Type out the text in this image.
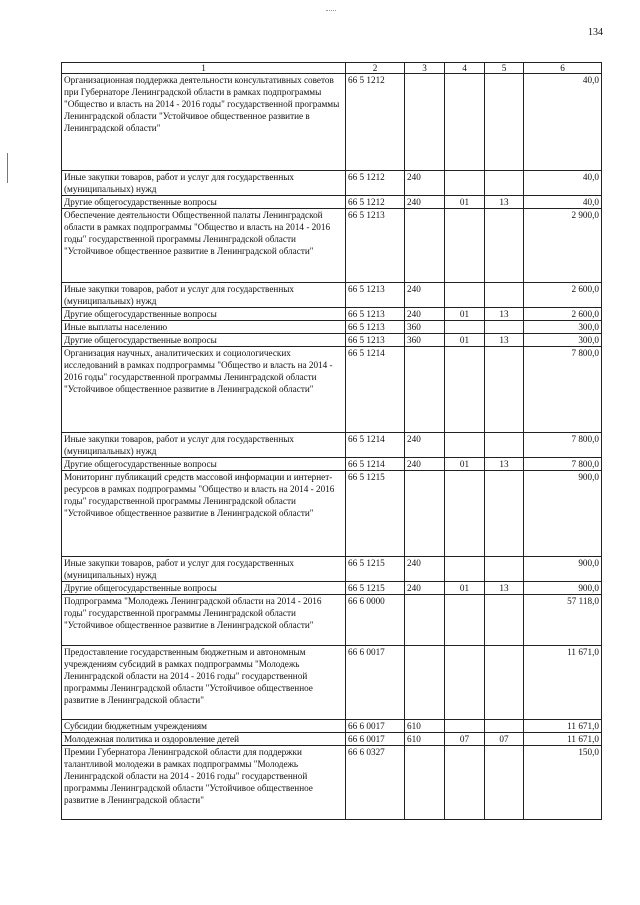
134
1	2	3	4	5	6
Организационная поддержка деятельности консультативных советов при Губернаторе Ленинградской области в рамках подпрограммы "Общество и власть на 2014 - 2016 годы" государственной программы Ленинградской области "Устойчивое общественное развитие в Ленинградской области"	66 5 1212				40,0
Иные закупки товаров, работ и услуг для государственных (муниципальных) нужд	66 5 1212	240			40,0
Другие общегосударственные вопросы	66 5 1212	240	01	13	40,0
Обеспечение деятельности Общественной палаты Ленинградской области в рамках подпрограммы "Общество и власть на 2014 - 2016 годы" государственной программы Ленинградской области "Устойчивое общественное развитие в Ленинградской области"	66 5 1213				2 900,0
Иные закупки товаров, работ и услуг для государственных (муниципальных) нужд	66 5 1213	240			2 600,0
Другие общегосударственные вопросы	66 5 1213	240	01	13	2 600,0
Иные выплаты населению	66 5 1213	360			300,0
Другие общегосударственные вопросы	66 5 1213	360	01	13	300,0
Организация научных, аналитических и социологических исследований в рамках подпрограммы "Общество и власть на 2014 - 2016 годы" государственной программы Ленинградской области "Устойчивое общественное развитие в Ленинградской области"	66 5 1214				7 800,0
Иные закупки товаров, работ и услуг для государственных (муниципальных) нужд	66 5 1214	240			7 800,0
Другие общегосударственные вопросы	66 5 1214	240	01	13	7 800,0
Мониторинг публикаций средств массовой информации и интернет-ресурсов в рамках подпрограммы "Общество и власть на 2014 - 2016 годы" государственной программы Ленинградской области "Устойчивое общественное развитие в Ленинградской области"	66 5 1215				900,0
Иные закупки товаров, работ и услуг для государственных (муниципальных) нужд	66 5 1215	240			900,0
Другие общегосударственные вопросы	66 5 1215	240	01	13	900,0
Подпрограмма "Молодежь Ленинградской области на 2014 - 2016 годы" государственной программы Ленинградской области "Устойчивое общественное развитие в Ленинградской области"	66 6 0000				57 118,0
Предоставление государственным бюджетным и автономным учреждениям субсидий в рамках подпрограммы "Молодежь Ленинградской области на 2014 - 2016 годы" государственной программы Ленинградской области "Устойчивое общественное развитие в Ленинградской области"	66 6 0017				11 671,0
Субсидии бюджетным учреждениям	66 6 0017	610			11 671,0
Молодежная политика и оздоровление детей	66 6 0017	610	07	07	11 671,0
Премии Губернатора Ленинградской области для поддержки талантливой молодежи в рамках подпрограммы "Молодежь Ленинградской области на 2014 - 2016 годы" государственной программы Ленинградской области "Устойчивое общественное развитие в Ленинградской области"	66 6 0327				150,0
